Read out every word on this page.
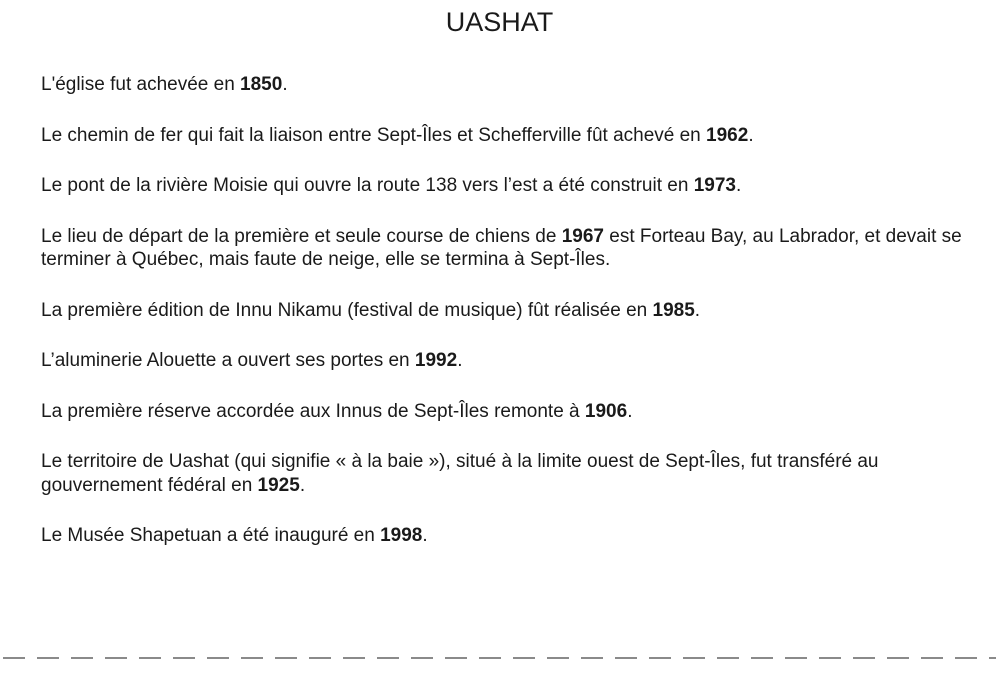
UASHAT
L'église fut achevée en 1850.
Le chemin de fer qui fait la liaison entre Sept-Îles et Schefferville fût achevé en 1962.
Le pont de la rivière Moisie qui ouvre la route 138 vers l’est a été construit en 1973.
Le lieu de départ de la première et seule course de chiens de 1967 est Forteau Bay, au Labrador, et devait se terminer à Québec, mais faute de neige, elle se termina à Sept-Îles.
La première édition de Innu Nikamu (festival de musique) fût réalisée en 1985.
L’aluminerie Alouette a ouvert ses portes en 1992.
La première réserve accordée aux Innus de Sept-Îles remonte à 1906.
Le territoire de Uashat (qui signifie « à la baie »), situé à la limite ouest de Sept-Îles, fut transféré au gouvernement fédéral en 1925.
Le Musée Shapetuan a été inauguré en 1998.
